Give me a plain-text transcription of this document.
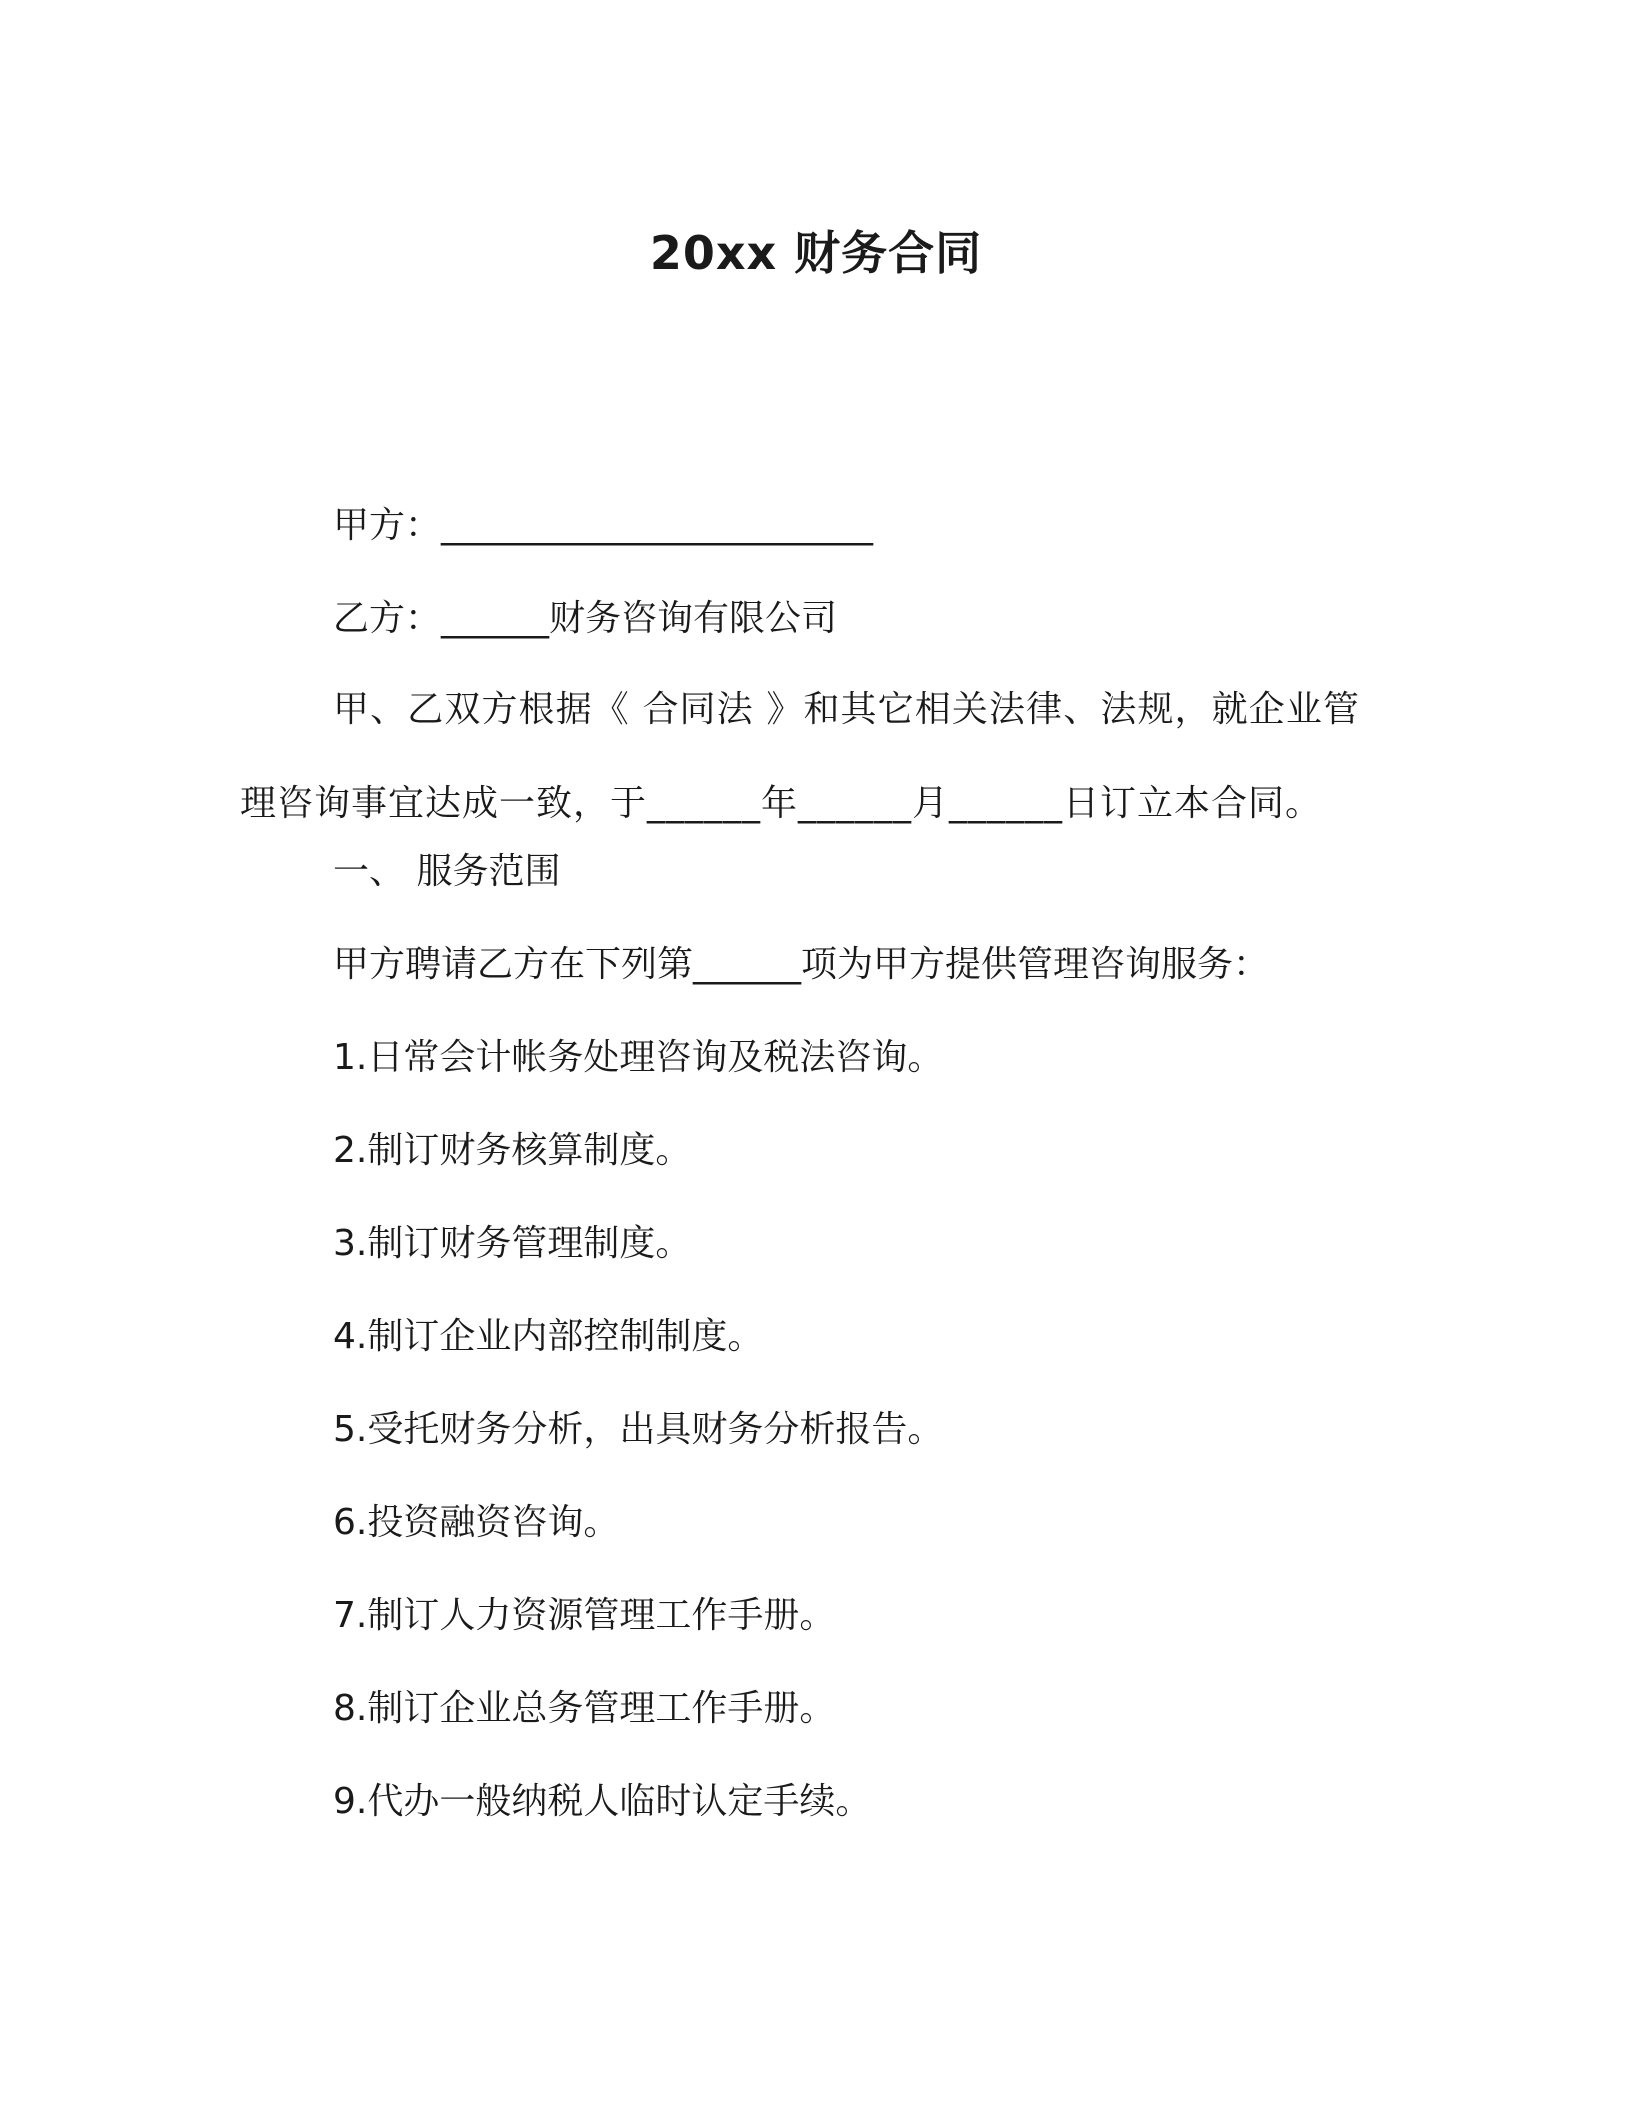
20xx 财务合同
甲方：________________________
乙方：______财务咨询有限公司
甲、乙双方根据《 合同法 》和其它相关法律、法规，就企业管理咨询事宜达成一致，于______年______月______日订立本合同。
一、 服务范围
甲方聘请乙方在下列第______项为甲方提供管理咨询服务：
1.日常会计帐务处理咨询及税法咨询。
2.制订财务核算制度。
3.制订财务管理制度。
4.制订企业内部控制制度。
5.受托财务分析，出具财务分析报告。
6.投资融资咨询。
7.制订人力资源管理工作手册。
8.制订企业总务管理工作手册。
9.代办一般纳税人临时认定手续。
